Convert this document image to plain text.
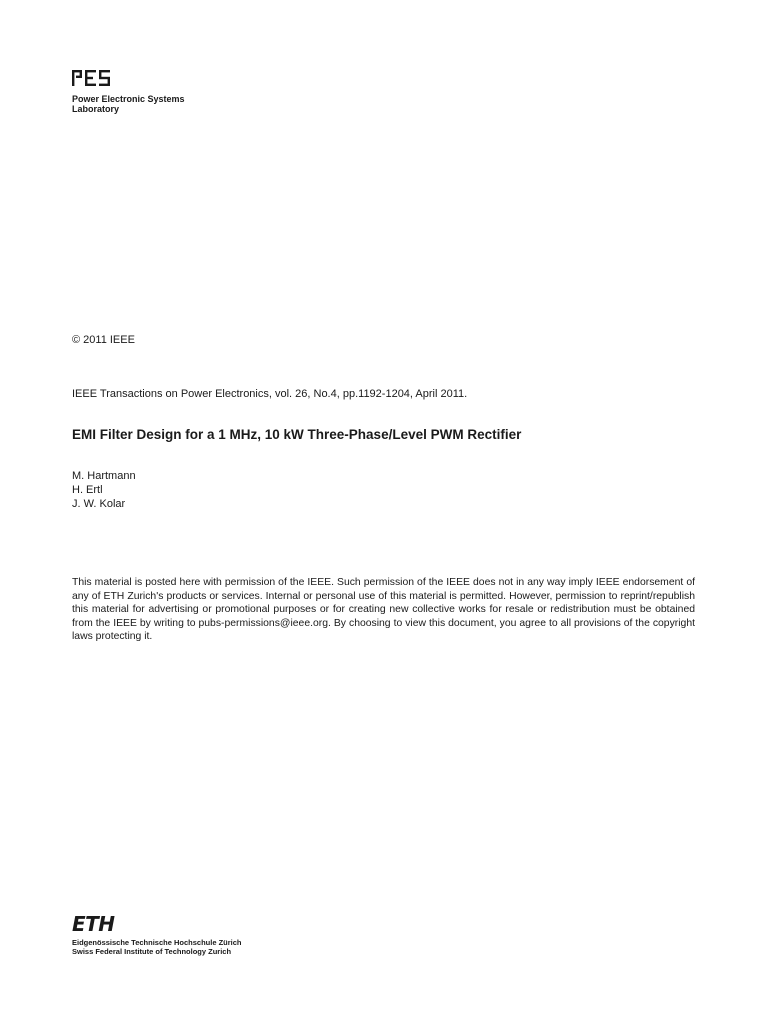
Power Electronic Systems
Laboratory
© 2011 IEEE
IEEE Transactions on Power Electronics, vol. 26, No.4, pp.1192-1204, April 2011.
EMI Filter Design for a 1 MHz, 10 kW Three-Phase/Level PWM Rectifier
M. Hartmann
H. Ertl
J. W. Kolar

This material is posted here with permission of the IEEE. Such permission of the IEEE does not in any way imply IEEE endorsement of any of ETH Zurich's products or services. Internal or personal use of this material is permitted. However, permission to reprint/republish this material for advertising or promotional purposes or for creating new collective works for resale or redistribution must be obtained from the IEEE by writing to pubs-permissions@ieee.org. By choosing to view this document, you agree to all provisions of the copyright laws protecting it.

ETH
Eidgenössische Technische Hochschule Zürich
Swiss Federal Institute of Technology Zurich
